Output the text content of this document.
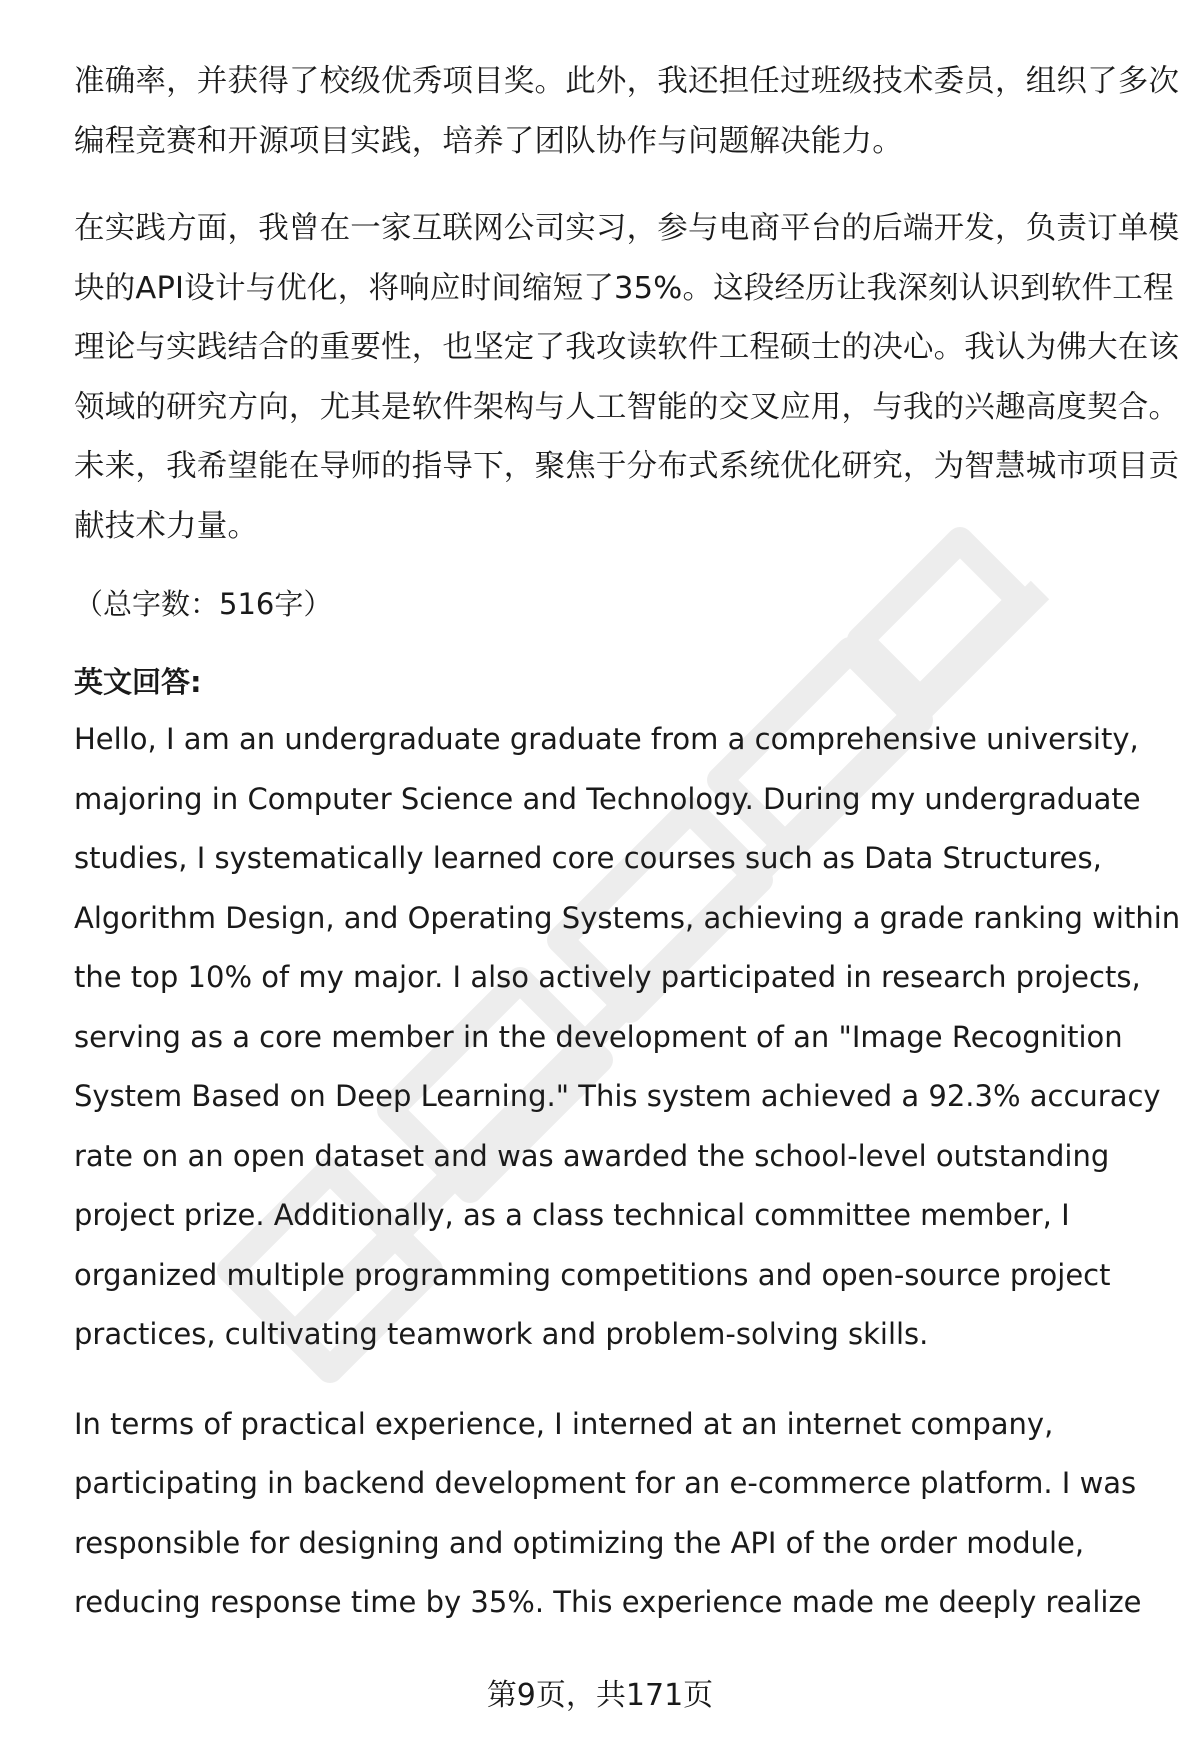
准确率，并获得了校级优秀项目奖。此外，我还担任过班级技术委员，组织了多次
编程竞赛和开源项目实践，培养了团队协作与问题解决能力。
在实践方面，我曾在一家互联网公司实习，参与电商平台的后端开发，负责订单模
块的API设计与优化，将响应时间缩短了35%。这段经历让我深刻认识到软件工程
理论与实践结合的重要性，也坚定了我攻读软件工程硕士的决心。我认为佛大在该
领域的研究方向，尤其是软件架构与人工智能的交叉应用，与我的兴趣高度契合。
未来，我希望能在导师的指导下，聚焦于分布式系统优化研究，为智慧城市项目贡
献技术力量。

（总字数：516字）

英文回答:

Hello, I am an undergraduate graduate from a comprehensive university,
majoring in Computer Science and Technology. During my undergraduate
studies, I systematically learned core courses such as Data Structures,
Algorithm Design, and Operating Systems, achieving a grade ranking within
the top 10% of my major. I also actively participated in research projects,
serving as a core member in the development of an "Image Recognition
System Based on Deep Learning." This system achieved a 92.3% accuracy
rate on an open dataset and was awarded the school-level outstanding
project prize. Additionally, as a class technical committee member, I
organized multiple programming competitions and open-source project
practices, cultivating teamwork and problem-solving skills.
In terms of practical experience, I interned at an internet company,
participating in backend development for an e-commerce platform. I was
responsible for designing and optimizing the API of the order module,
reducing response time by 35%. This experience made me deeply realize
第9页，共171页
